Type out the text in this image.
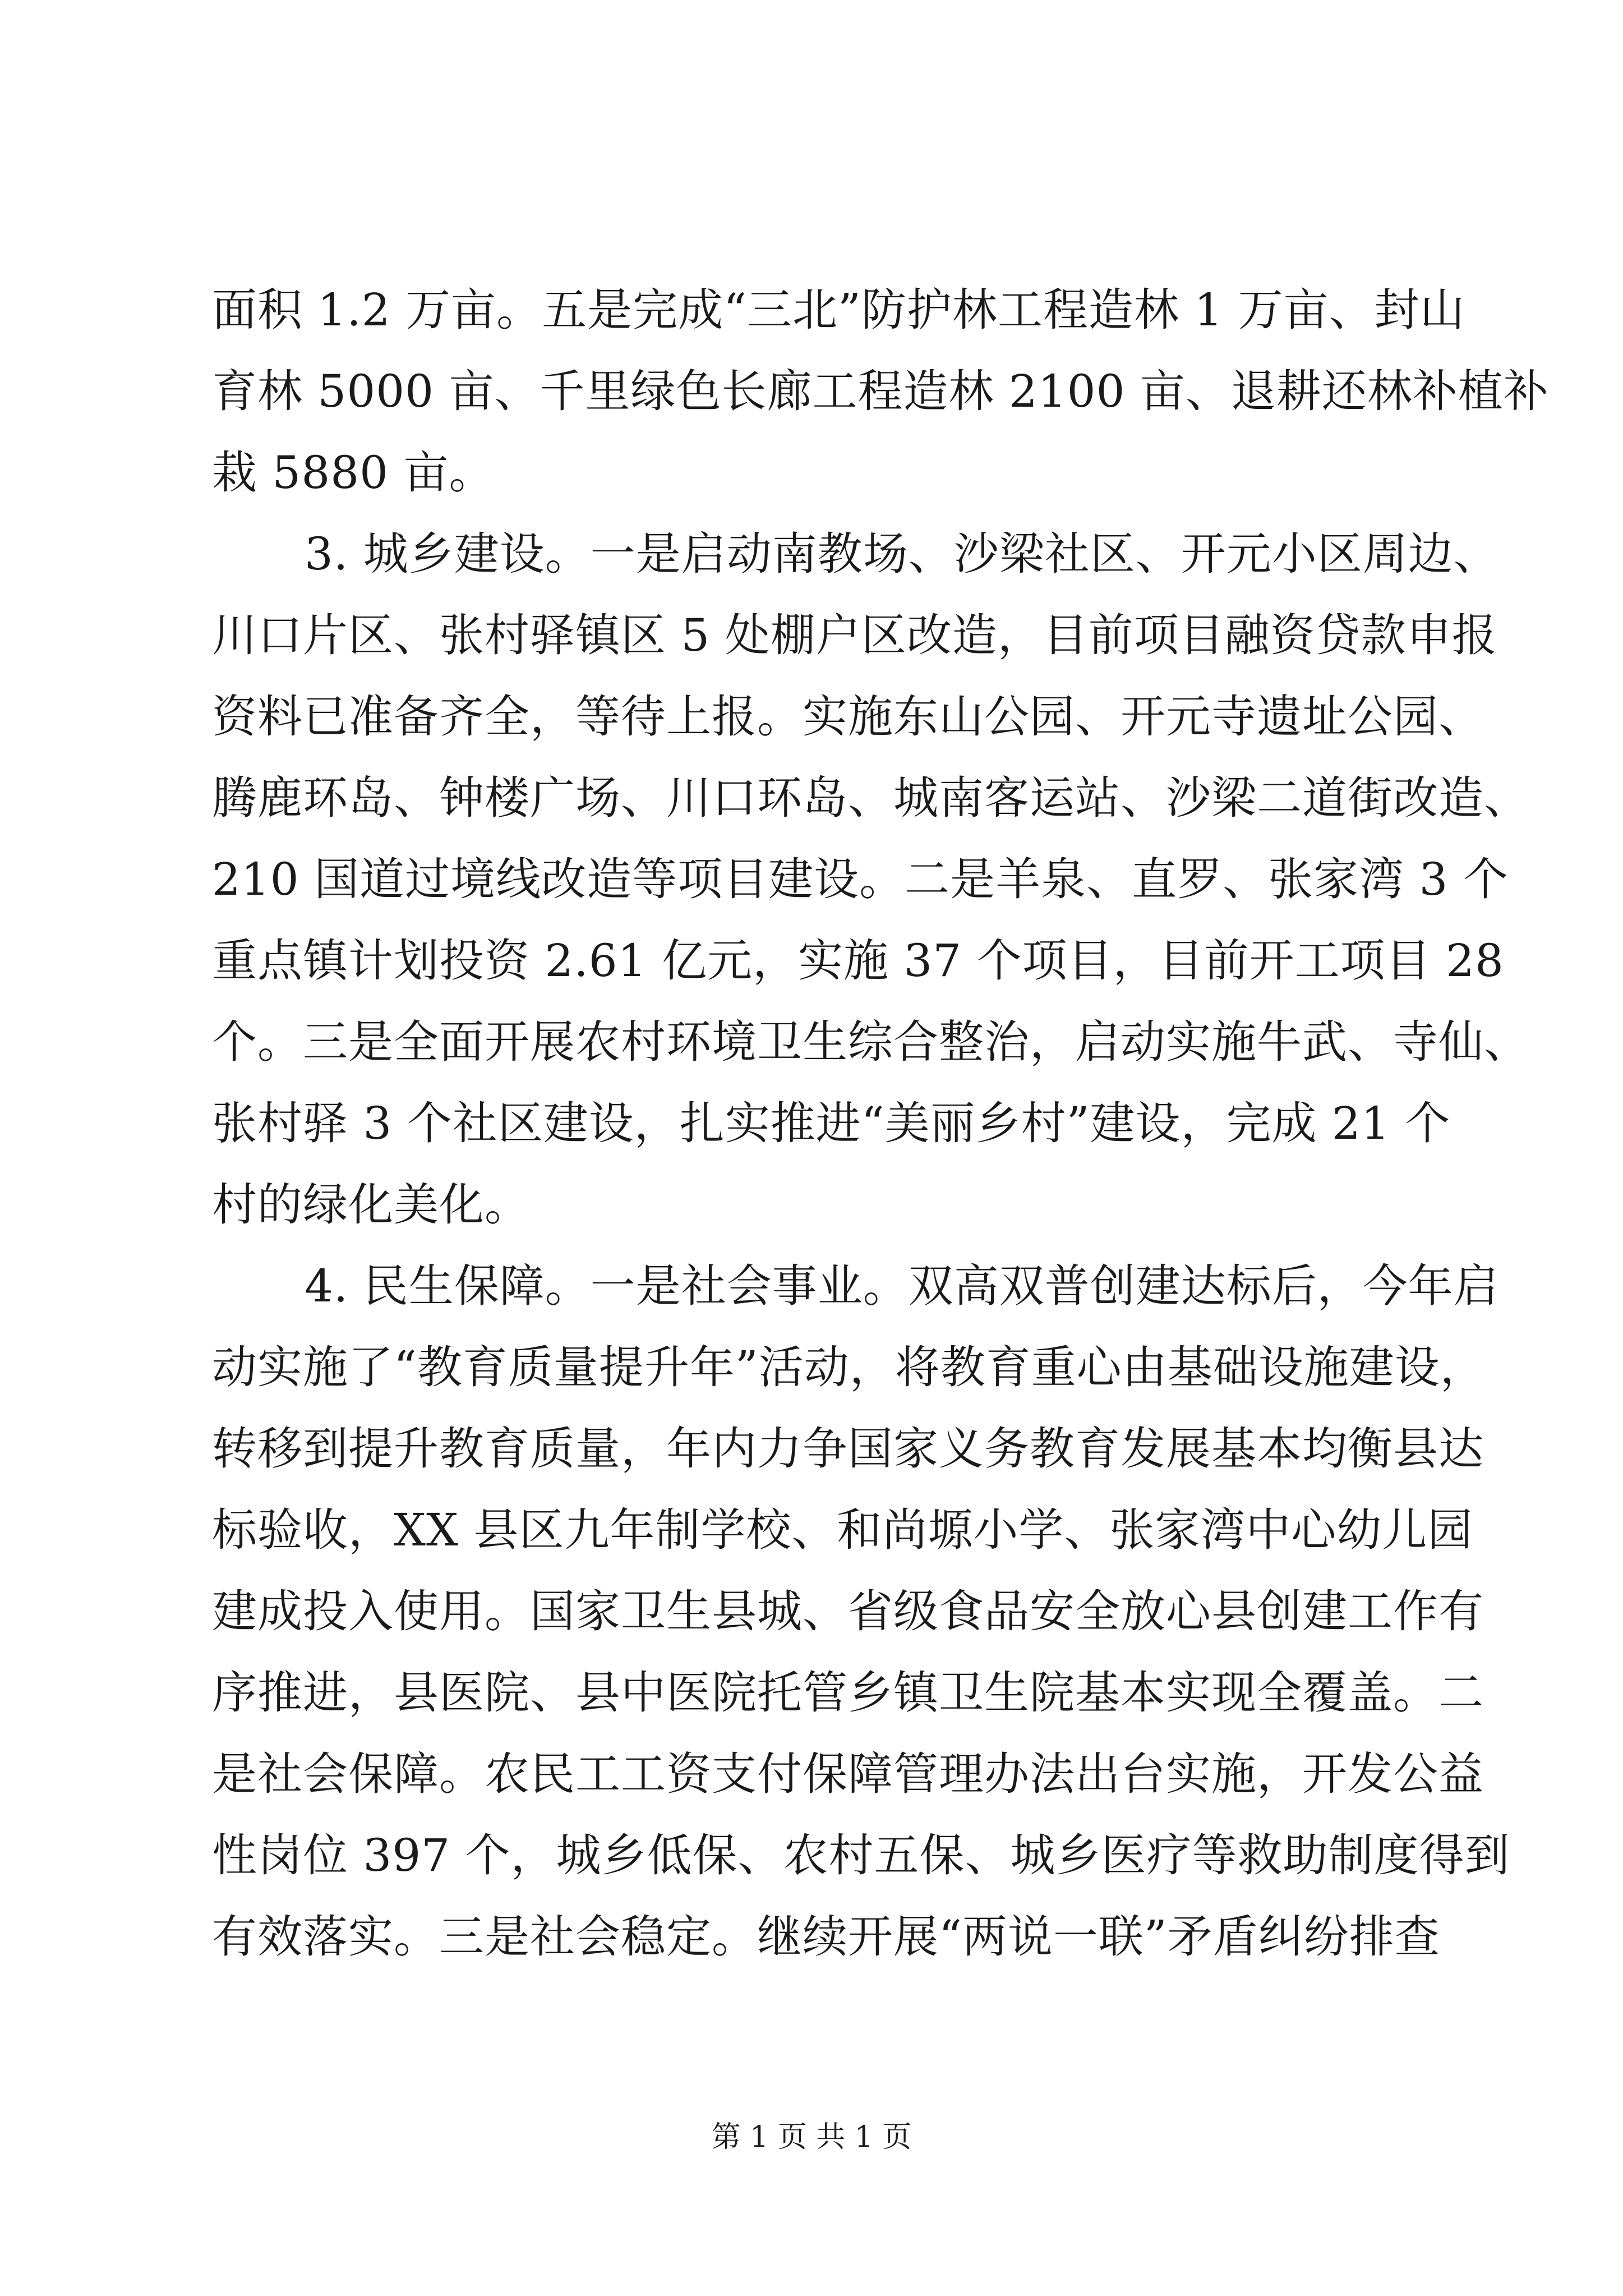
面积 1.2 万亩。五是完成“三北”防护林工程造林 1 万亩、封山
育林 5000 亩、千里绿色长廊工程造林 2100 亩、退耕还林补植补
栽 5880 亩。
3. 城乡建设。一是启动南教场、沙梁社区、开元小区周边、
川口片区、张村驿镇区 5 处棚户区改造，目前项目融资贷款申报
资料已准备齐全，等待上报。实施东山公园、开元寺遗址公园、
腾鹿环岛、钟楼广场、川口环岛、城南客运站、沙梁二道街改造、
210 国道过境线改造等项目建设。二是羊泉、直罗、张家湾 3 个
重点镇计划投资 2.61 亿元，实施 37 个项目，目前开工项目 28
个。三是全面开展农村环境卫生综合整治，启动实施牛武、寺仙、
张村驿 3 个社区建设，扎实推进“美丽乡村”建设，完成 21 个
村的绿化美化。
4. 民生保障。一是社会事业。双高双普创建达标后，今年启
动实施了“教育质量提升年”活动，将教育重心由基础设施建设，
转移到提升教育质量，年内力争国家义务教育发展基本均衡县达
标验收，XX 县区九年制学校、和尚塬小学、张家湾中心幼儿园
建成投入使用。国家卫生县城、省级食品安全放心县创建工作有
序推进，县医院、县中医院托管乡镇卫生院基本实现全覆盖。二
是社会保障。农民工工资支付保障管理办法出台实施，开发公益
性岗位 397 个，城乡低保、农村五保、城乡医疗等救助制度得到
有效落实。三是社会稳定。继续开展“两说一联”矛盾纠纷排查
第 1 页 共 1 页
